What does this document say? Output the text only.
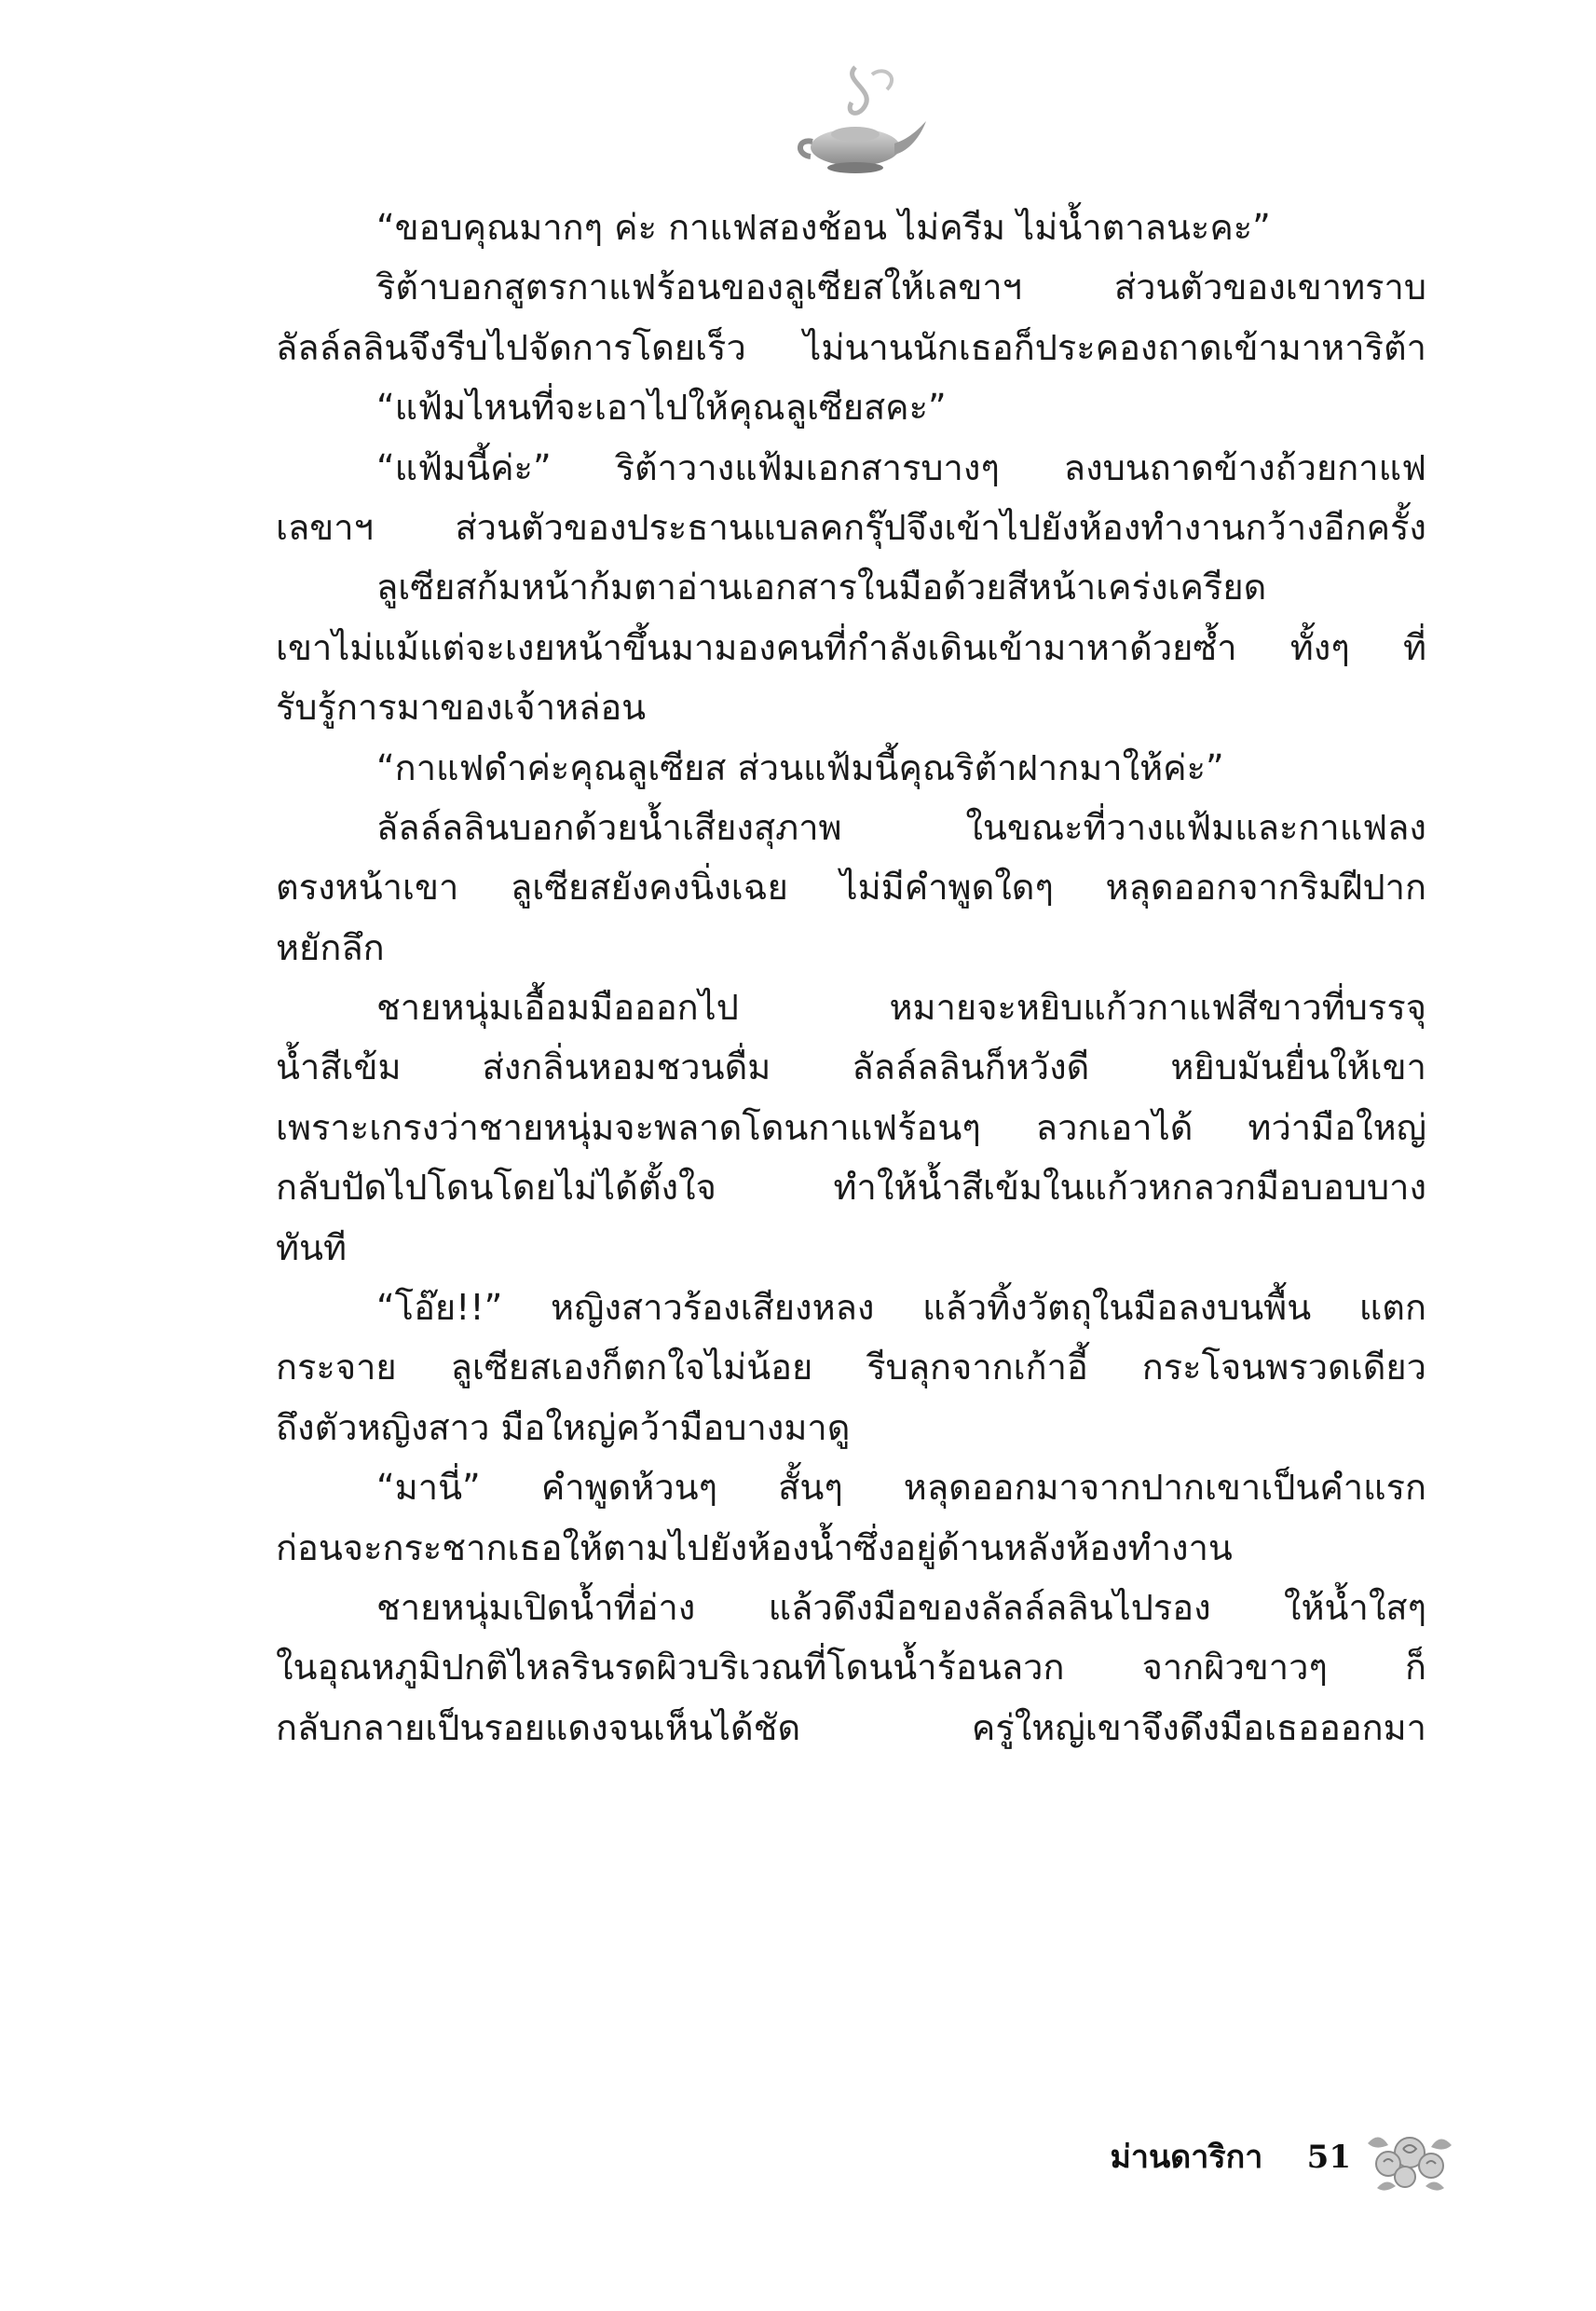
“ขอบคุณมากๆ ค่ะ กาแฟสองช้อน ไม่ครีม ไม่น้ำตาลนะคะ”
ริต้าบอกสูตรกาแฟร้อนของลูเซียสให้เลขาฯ ส่วนตัวของเขาทราบ
ลัลล์ลลินจึงรีบไปจัดการโดยเร็ว ไม่นานนักเธอก็ประคองถาดเข้ามาหาริต้า
“แฟ้มไหนที่จะเอาไปให้คุณลูเซียสคะ”
“แฟ้มนี้ค่ะ” ริต้าวางแฟ้มเอกสารบางๆ ลงบนถาดข้างถ้วยกาแฟ
เลขาฯ ส่วนตัวของประธานแบลคกรุ๊ปจึงเข้าไปยังห้องทำงานกว้างอีกครั้ง
ลูเซียสก้มหน้าก้มตาอ่านเอกสารในมือด้วยสีหน้าเคร่งเครียด
เขาไม่แม้แต่จะเงยหน้าขึ้นมามองคนที่กำลังเดินเข้ามาหาด้วยซ้ำ ทั้งๆ ที่
รับรู้การมาของเจ้าหล่อน
“กาแฟดำค่ะคุณลูเซียส ส่วนแฟ้มนี้คุณริต้าฝากมาให้ค่ะ”
ลัลล์ลลินบอกด้วยน้ำเสียงสุภาพ ในขณะที่วางแฟ้มและกาแฟลง
ตรงหน้าเขา ลูเซียสยังคงนิ่งเฉย ไม่มีคำพูดใดๆ หลุดออกจากริมฝีปาก
หยักลึก
ชายหนุ่มเอื้อมมือออกไป หมายจะหยิบแก้วกาแฟสีขาวที่บรรจุ
น้ำสีเข้ม ส่งกลิ่นหอมชวนดื่ม ลัลล์ลลินก็หวังดี หยิบมันยื่นให้เขา
เพราะเกรงว่าชายหนุ่มจะพลาดโดนกาแฟร้อนๆ ลวกเอาได้ ทว่ามือใหญ่
กลับปัดไปโดนโดยไม่ได้ตั้งใจ ทำให้น้ำสีเข้มในแก้วหกลวกมือบอบบาง
ทันที
“โอ๊ย!!” หญิงสาวร้องเสียงหลง แล้วทิ้งวัตถุในมือลงบนพื้น แตก
กระจาย ลูเซียสเองก็ตกใจไม่น้อย รีบลุกจากเก้าอี้ กระโจนพรวดเดียว
ถึงตัวหญิงสาว มือใหญ่คว้ามือบางมาดู
“มานี่” คำพูดห้วนๆ สั้นๆ หลุดออกมาจากปากเขาเป็นคำแรก
ก่อนจะกระชากเธอให้ตามไปยังห้องน้ำซึ่งอยู่ด้านหลังห้องทำงาน
ชายหนุ่มเปิดน้ำที่อ่าง แล้วดึงมือของลัลล์ลลินไปรอง ให้น้ำใสๆ
ในอุณหภูมิปกติไหลรินรดผิวบริเวณที่โดนน้ำร้อนลวก จากผิวขาวๆ ก็
กลับกลายเป็นรอยแดงจนเห็นได้ชัด ครู่ใหญ่เขาจึงดึงมือเธอออกมา
ม่านดาริกา 51
